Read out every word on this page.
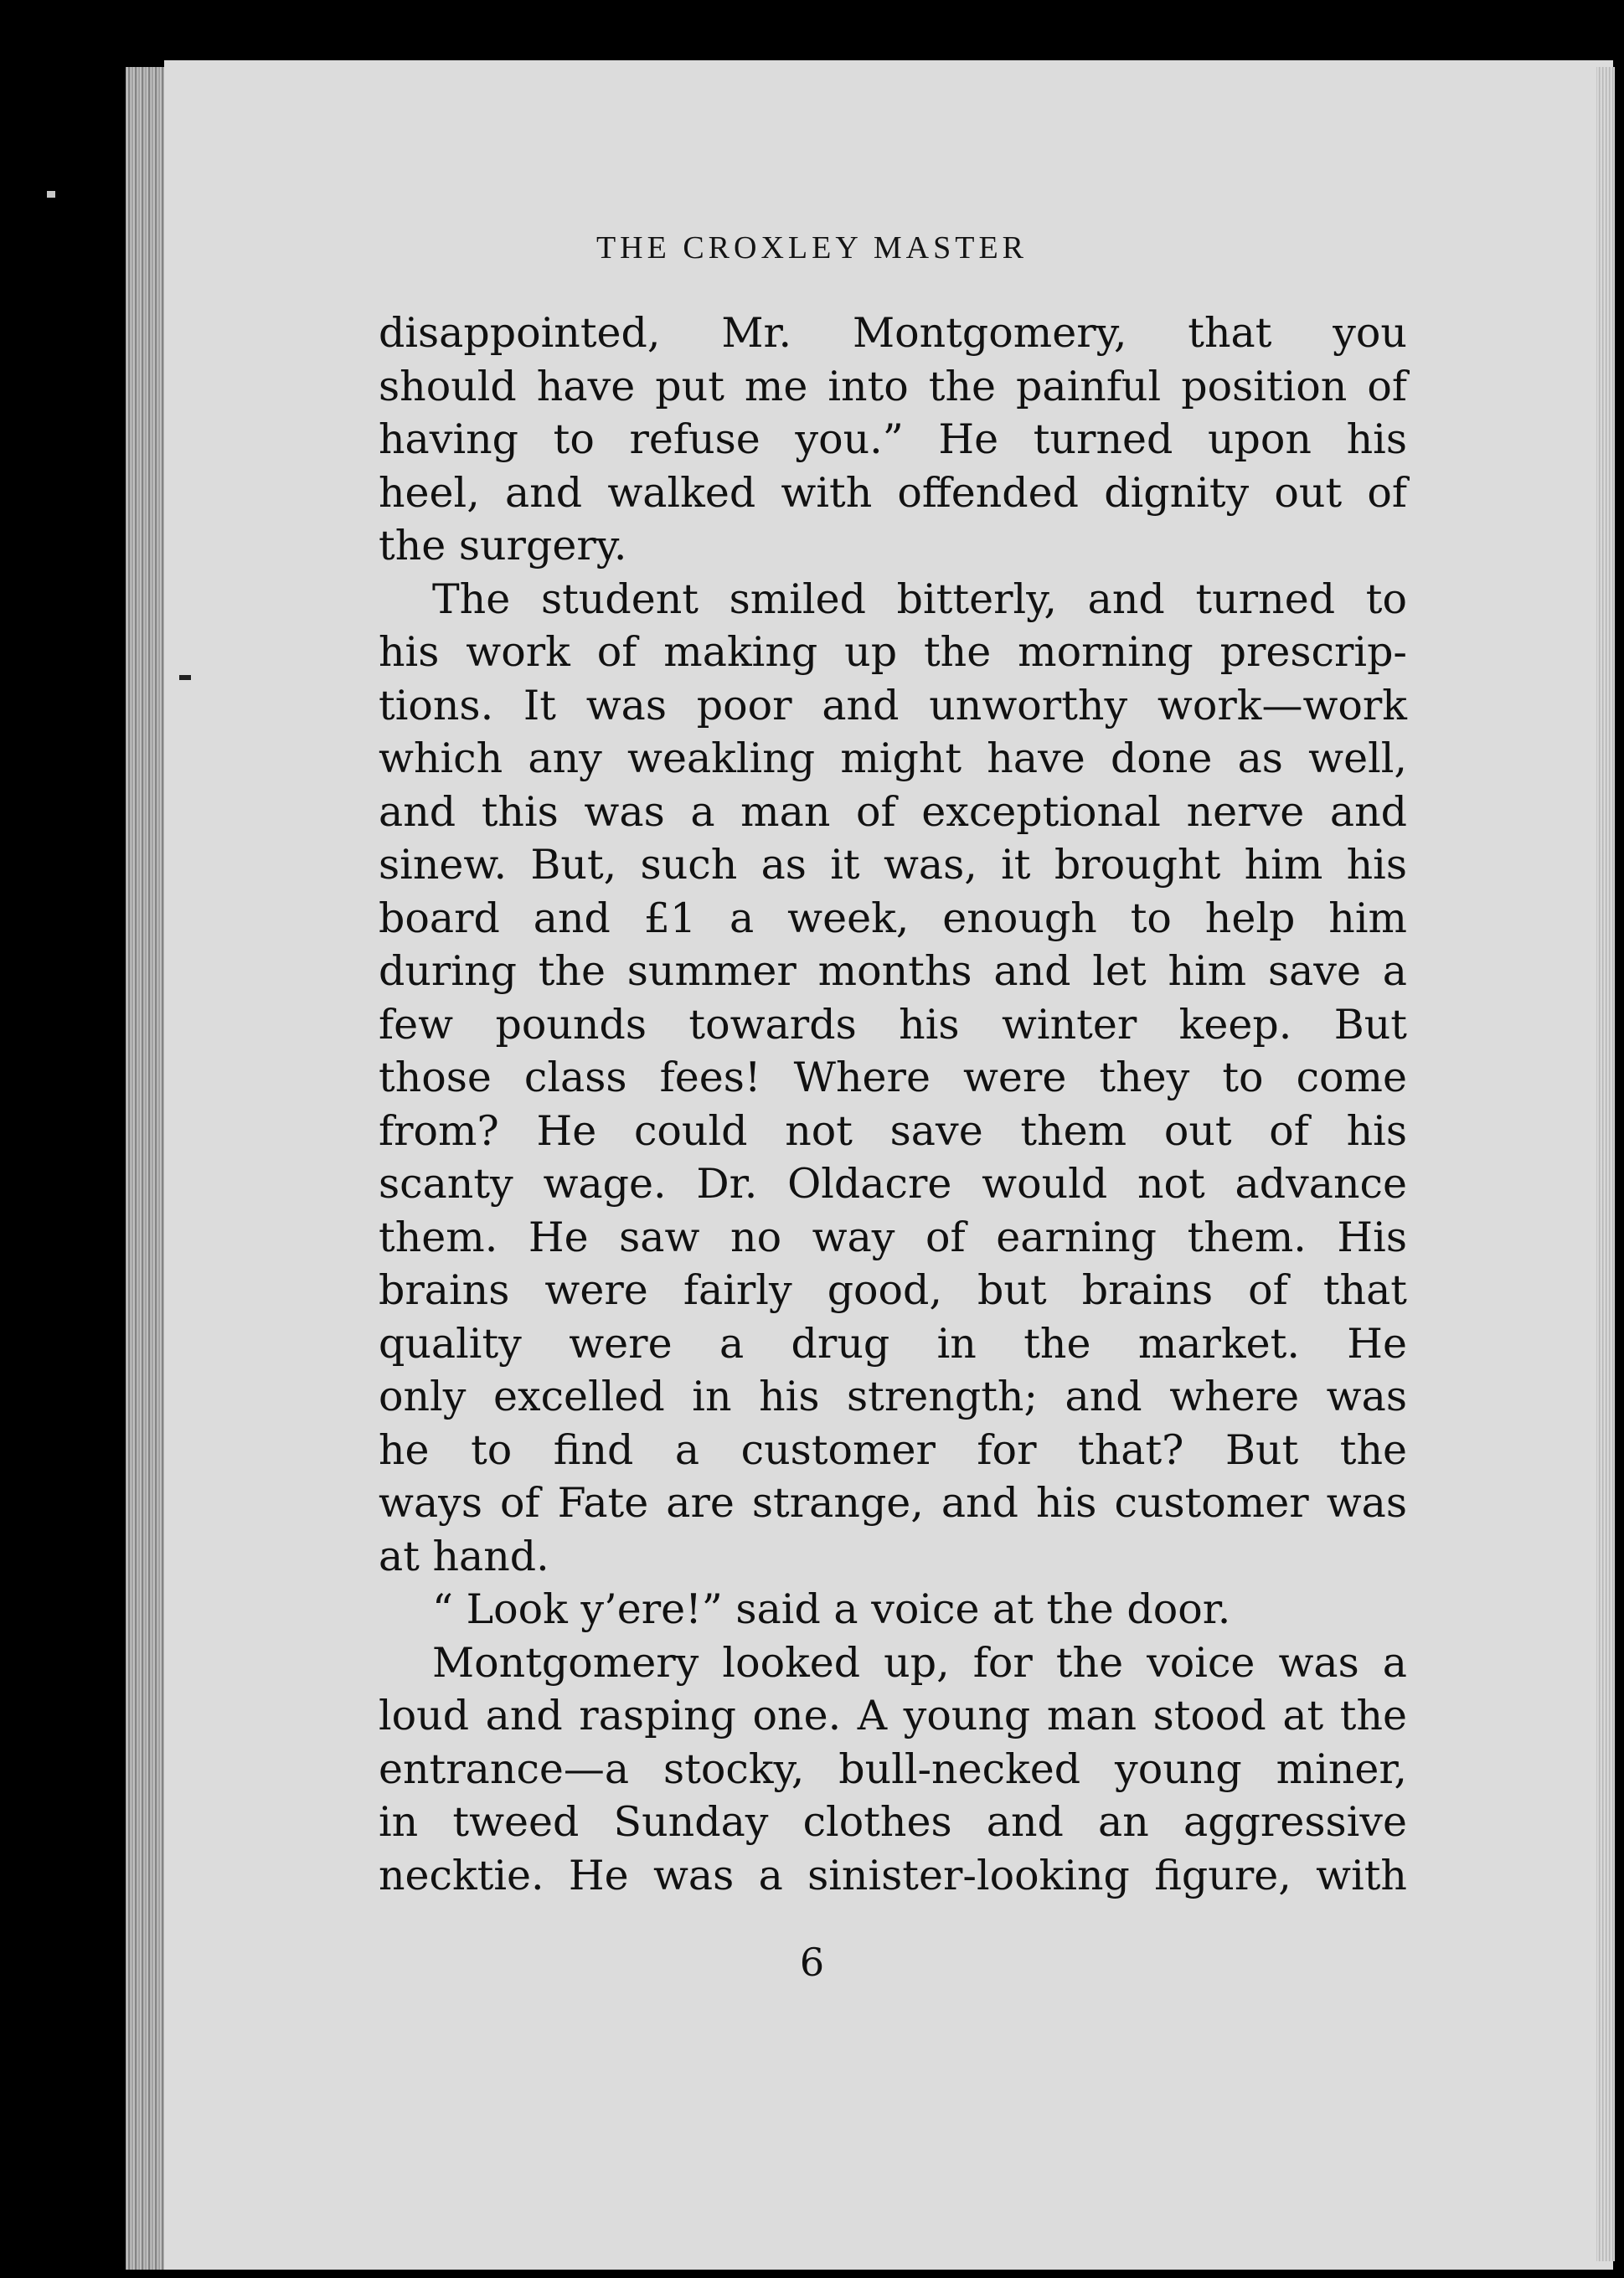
THE CROXLEY MASTER
disappointed, Mr. Montgomery, that you
should have put me into the painful position of
having to refuse you.” He turned upon his
heel, and walked with offended dignity out of
the surgery.
The student smiled bitterly, and turned to
his work of making up the morning prescrip-
tions. It was poor and unworthy work—work
which any weakling might have done as well,
and this was a man of exceptional nerve and
sinew. But, such as it was, it brought him his
board and £1 a week, enough to help him
during the summer months and let him save a
few pounds towards his winter keep. But
those class fees! Where were they to come
from? He could not save them out of his
scanty wage. Dr. Oldacre would not advance
them. He saw no way of earning them. His
brains were fairly good, but brains of that
quality were a drug in the market. He
only excelled in his strength; and where was
he to find a customer for that? But the
ways of Fate are strange, and his customer was
at hand.
“ Look y’ere!” said a voice at the door.
Montgomery looked up, for the voice was a
loud and rasping one. A young man stood at the
entrance—a stocky, bull-necked young miner,
in tweed Sunday clothes and an aggressive
necktie. He was a sinister-looking figure, with
6
